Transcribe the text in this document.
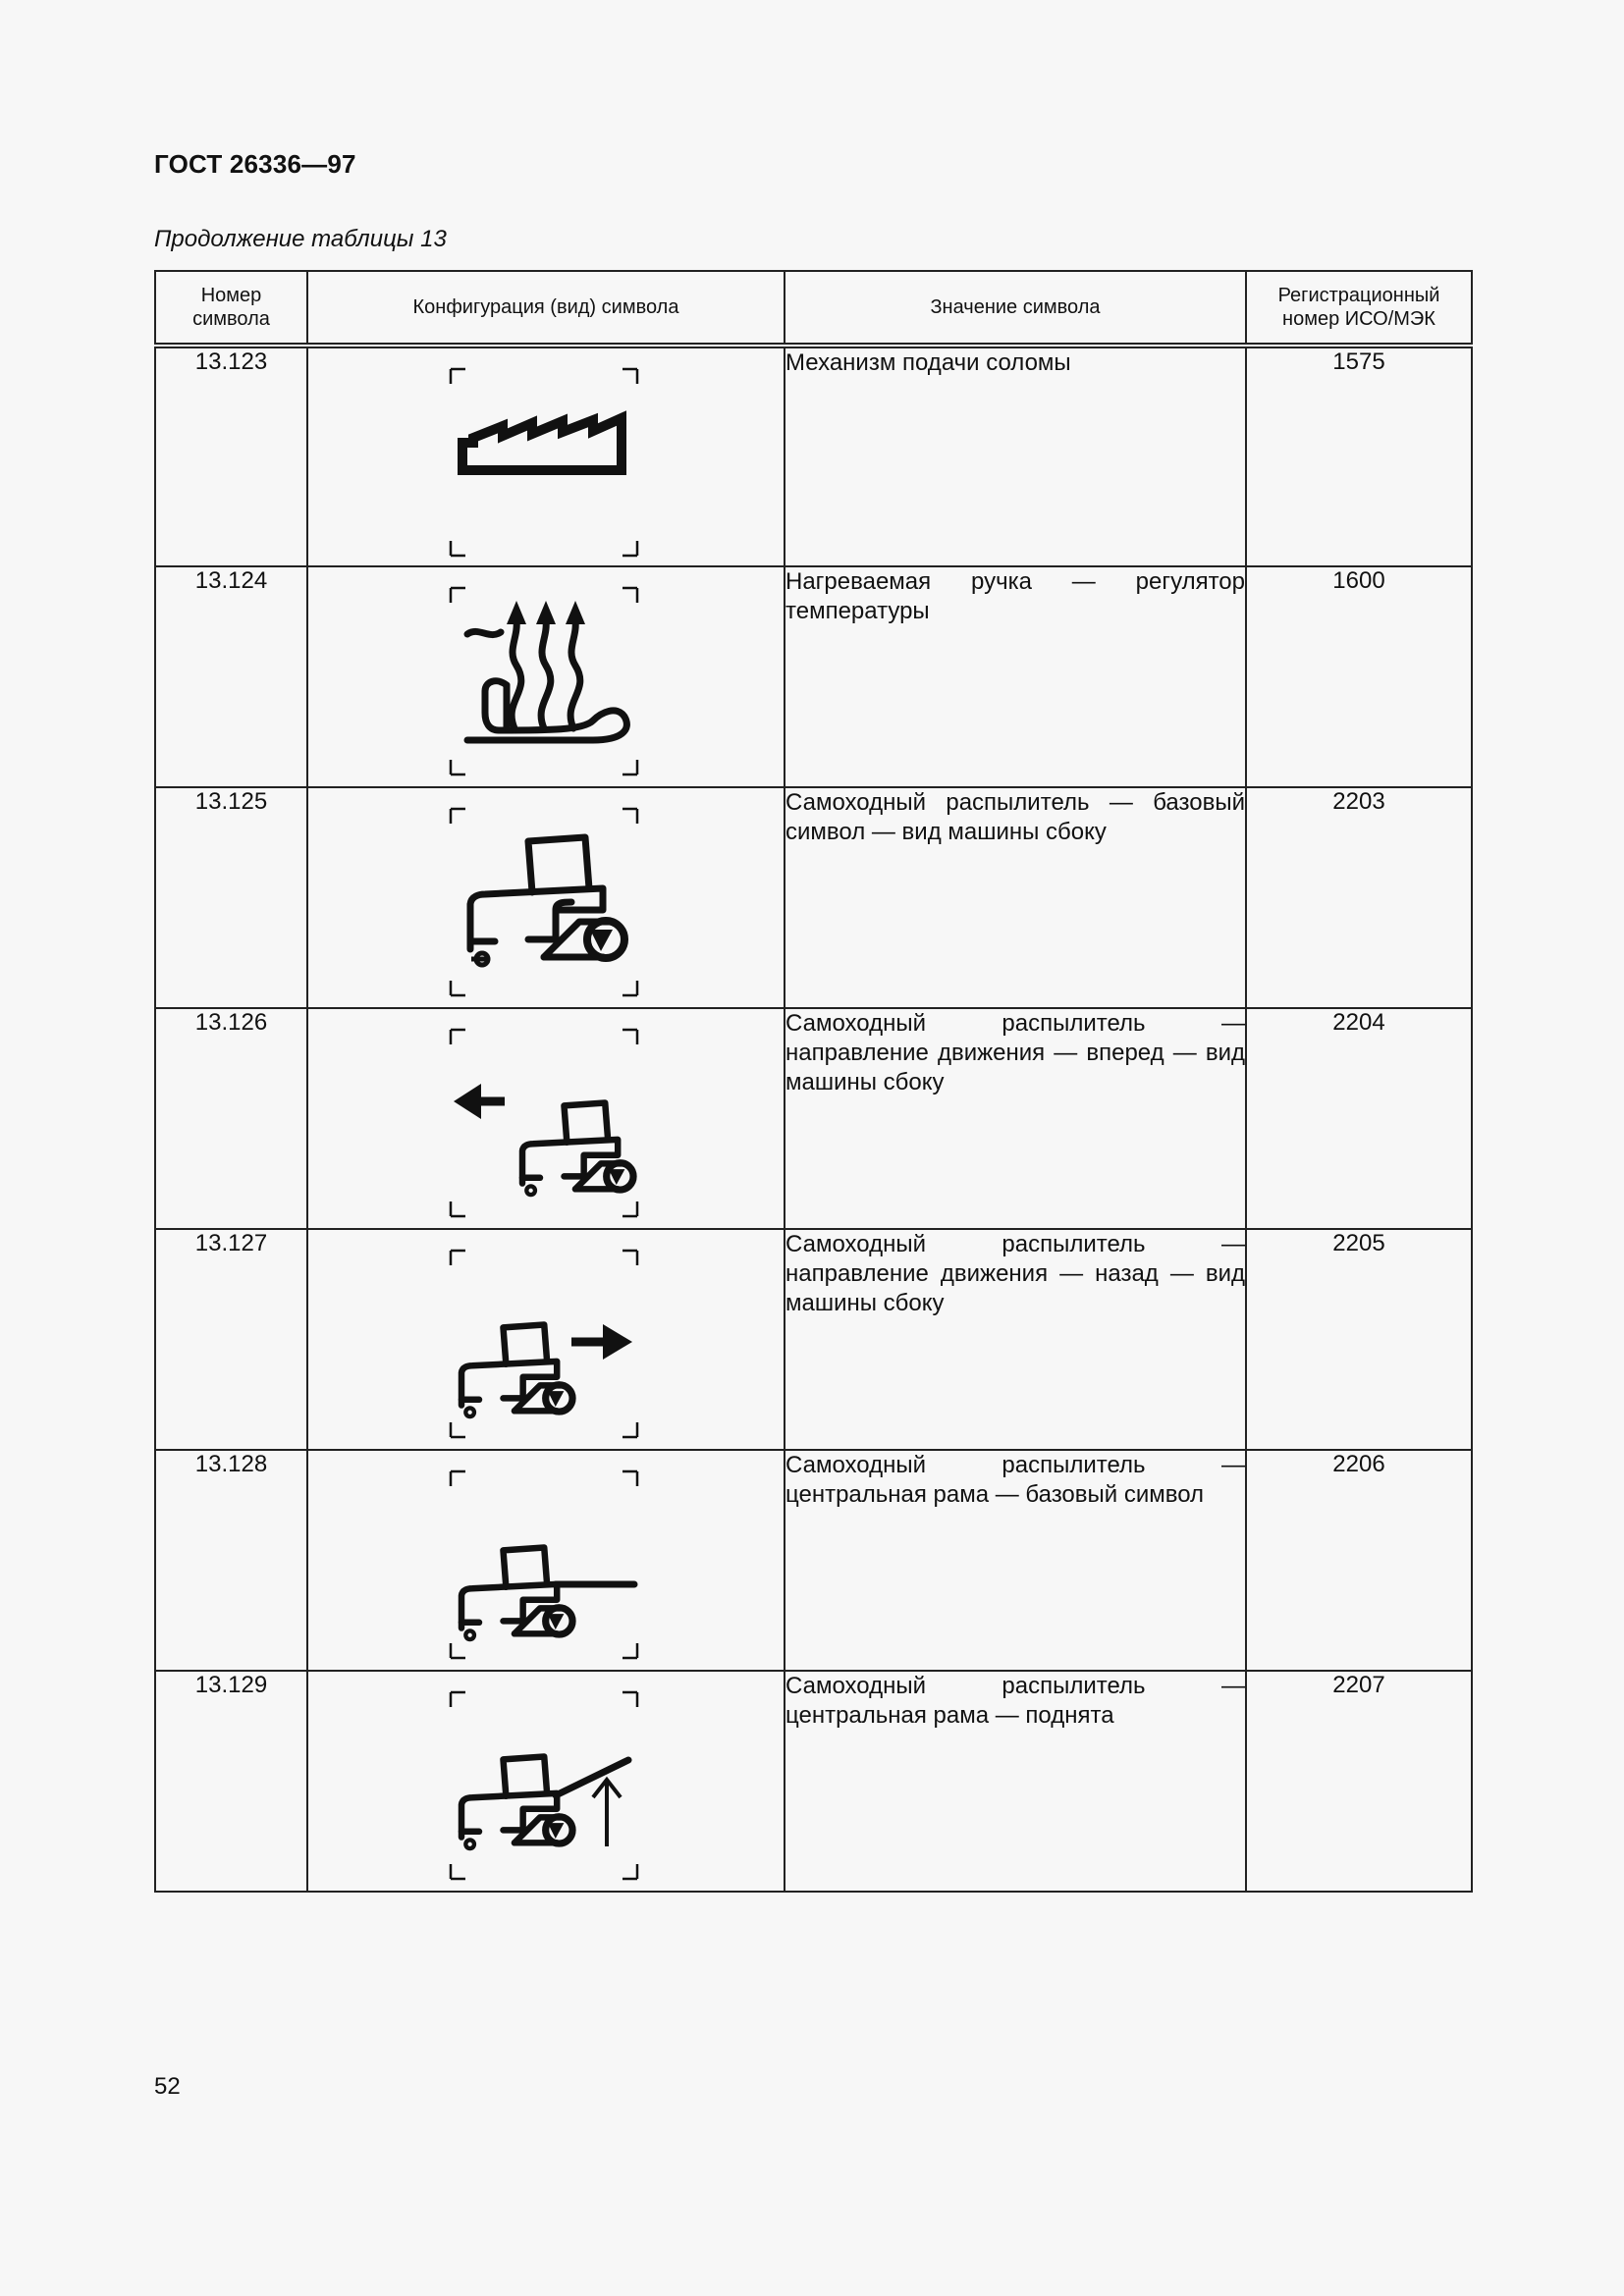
ГОСТ 26336—97
Продолжение таблицы 13
Номер символа	Конфигурация (вид) символа	Значение символа	Регистрационный номер ИСО/МЭК
13.123		Механизм подачи соломы	1575
13.124		Нагреваемая ручка — регулятор температуры	1600
13.125		Самоходный распылитель — базовый символ — вид машины сбоку	2203
13.126		Самоходный распылитель — направление движения — вперед — вид машины сбоку	2204
13.127		Самоходный распылитель — направление движения — назад — вид машины сбоку	2205
13.128		Самоходный распылитель — центральная рама — базовый символ	2206
13.129		Самоходный распылитель — центральная рама — поднята	2207
52
